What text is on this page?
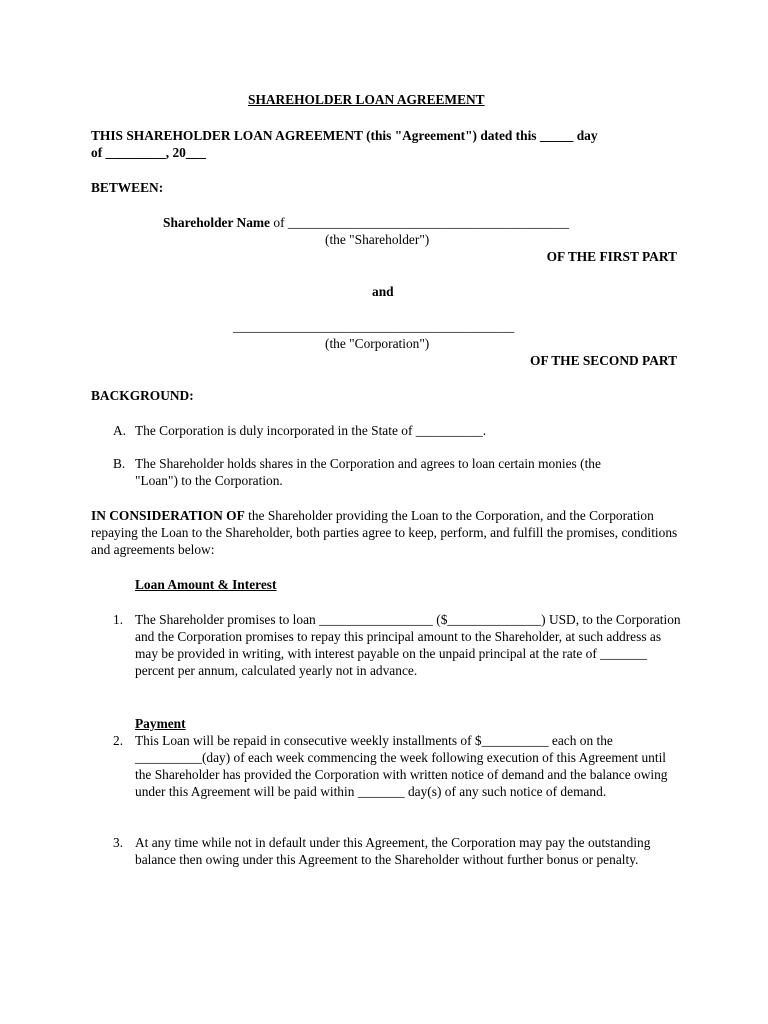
SHAREHOLDER LOAN AGREEMENT
THIS SHAREHOLDER LOAN AGREEMENT (this "Agreement") dated this _____ day
of _________, 20___
BETWEEN:
Shareholder Name of __________________________________________
(the "Shareholder")
OF THE FIRST PART
and
__________________________________________
(the "Corporation")
OF THE SECOND PART
BACKGROUND:
A. The Corporation is duly incorporated in the State of __________.
B. The Shareholder holds shares in the Corporation and agrees to loan certain monies (the
"Loan") to the Corporation.
IN CONSIDERATION OF the Shareholder providing the Loan to the Corporation, and the Corporation repaying the Loan to the Shareholder, both parties agree to keep, perform, and fulfill the promises, conditions and agreements below:
Loan Amount & Interest
1. The Shareholder promises to loan _________________ ($______________) USD, to the Corporation and the Corporation promises to repay this principal amount to the Shareholder, at such address as may be provided in writing, with interest payable on the unpaid principal at the rate of _______ percent per annum, calculated yearly not in advance.
Payment
2. This Loan will be repaid in consecutive weekly installments of $__________ each on the __________(day) of each week commencing the week following execution of this Agreement until the Shareholder has provided the Corporation with written notice of demand and the balance owing under this Agreement will be paid within _______ day(s) of any such notice of demand.
3. At any time while not in default under this Agreement, the Corporation may pay the outstanding balance then owing under this Agreement to the Shareholder without further bonus or penalty.
